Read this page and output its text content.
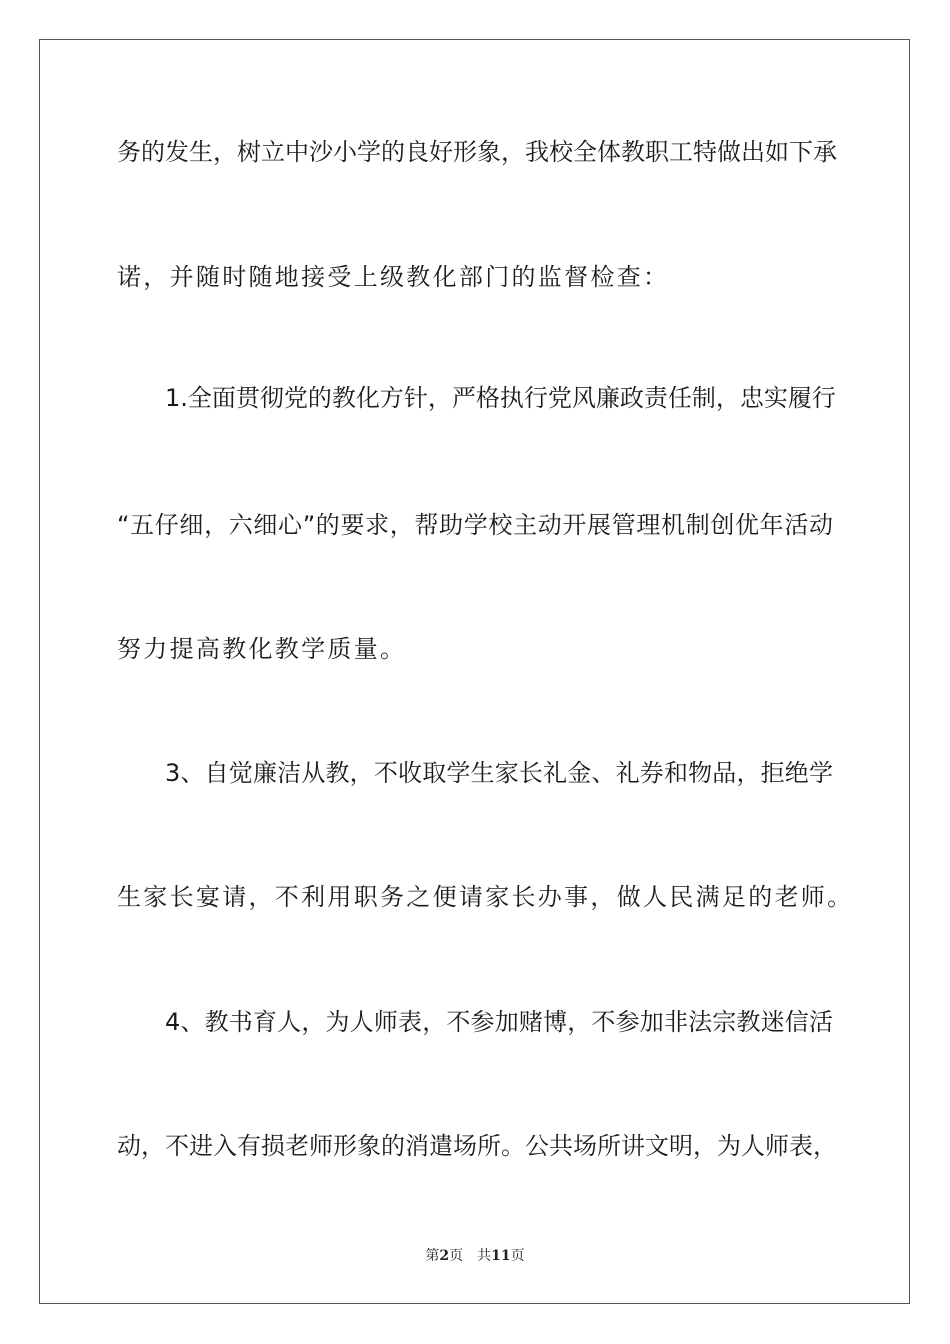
务的发生，树立中沙小学的良好形象，我校全体教职工特做出如下承
诺，并随时随地接受上级教化部门的监督检查：
1.全面贯彻党的教化方针，严格执行党风廉政责任制，忠实履行
“五仔细，六细心”的要求，帮助学校主动开展管理机制创优年活动
努力提高教化教学质量。
3、自觉廉洁从教，不收取学生家长礼金、礼券和物品，拒绝学
生家长宴请，不利用职务之便请家长办事，做人民满足的老师。
4、教书育人，为人师表，不参加赌博，不参加非法宗教迷信活
动，不进入有损老师形象的消遣场所。公共场所讲文明，为人师表，
第2页 共11页
